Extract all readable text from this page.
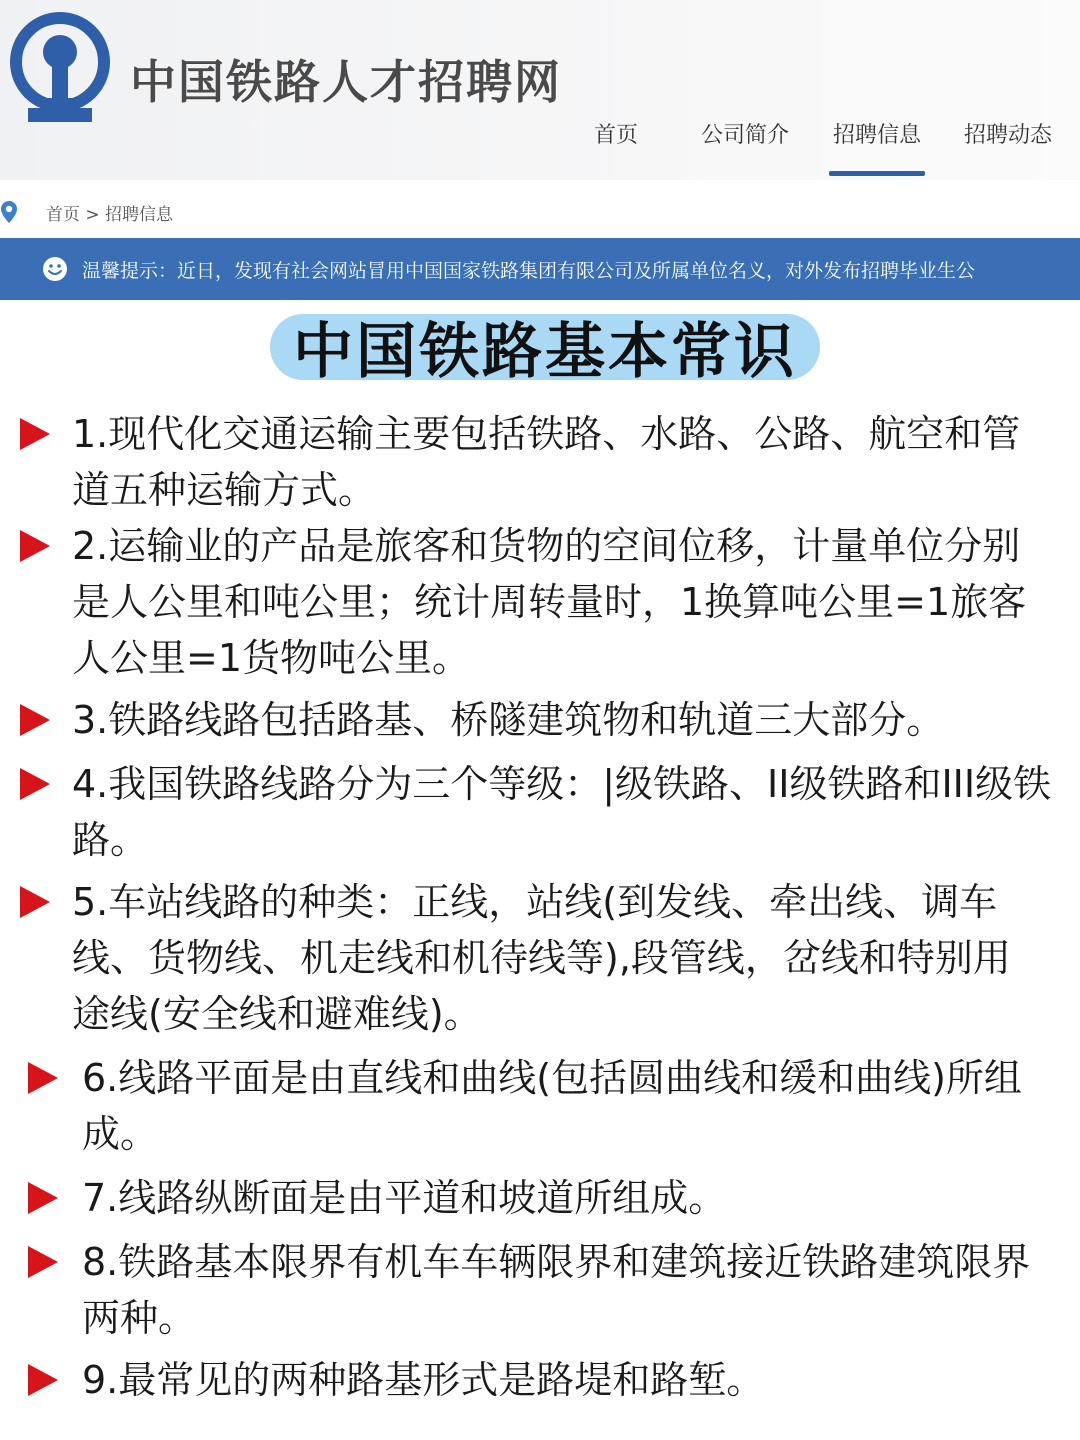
中国铁路人才招聘网
首页	公司简介 招聘信息 招聘动态
首页 > 招聘信息
温馨提示：近日，发现有社会网站冒用中国国家铁路集团有限公司及所属单位名义，对外发布招聘毕业生公
中国铁路基本常识
1.现代化交通运输主要包括铁路、水路、公路、航空和管道五种运输方式。
2.运输业的产品是旅客和货物的空间位移，计量单位分别是人公里和吨公里；统计周转量时，1换算吨公里=1旅客人公里=1货物吨公里。
3.铁路线路包括路基、桥隧建筑物和轨道三大部分。
4.我国铁路线路分为三个等级：|级铁路、II级铁路和III级铁路。
5.车站线路的种类：正线，站线(到发线、牵出线、调车线、货物线、机走线和机待线等),段管线，岔线和特别用途线(安全线和避难线)。
6.线路平面是由直线和曲线(包括圆曲线和缓和曲线)所组成。
7.线路纵断面是由平道和坡道所组成。
8.铁路基本限界有机车车辆限界和建筑接近铁路建筑限界两种。
9.最常见的两种路基形式是路堤和路堑。
